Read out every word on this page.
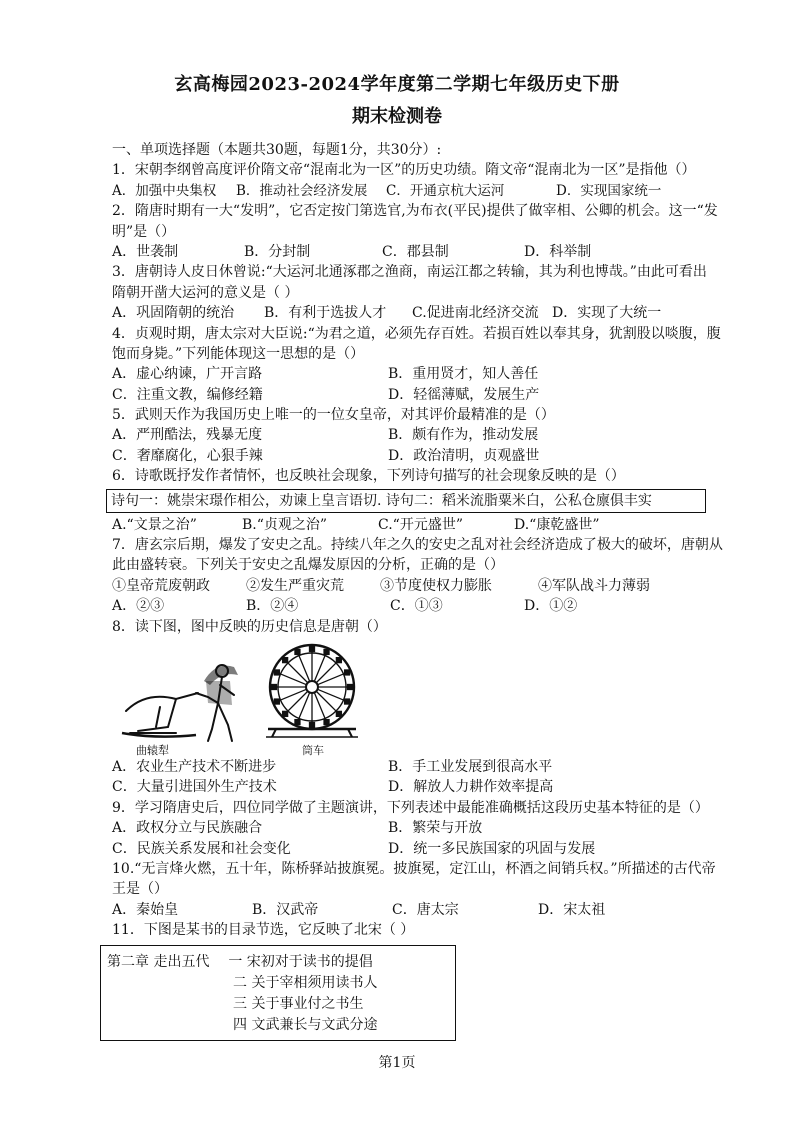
玄高梅园2023-2024学年度第二学期七年级历史下册
期末检测卷
一、单项选择题（本题共30题，每题1分，共30分）:
1．宋朝李纲曾高度评价隋文帝“混南北为一区”的历史功绩。隋文帝“混南北为一区”是指他（）
A．加强中央集权	B．推动社会经济发展	C．开通京杭大运河	D．实现国家统一
2．隋唐时期有一大“发明”，它否定按门第选官,为布衣(平民)提供了做宰相、公卿的机会。这一“发
明”是（）
A．世袭制	B．分封制	C．郡县制	D．科举制
3．唐朝诗人皮日休曾说:“大运河北通涿郡之渔商，南运江都之转输，其为利也博哉。”由此可看出
隋朝开凿大运河的意义是（ ）
A．巩固隋朝的统治	B．有利于选拔人才	C.促进南北经济交流 D．实现了大统一
4．贞观时期，唐太宗对大臣说:“为君之道，必须先存百姓。若损百姓以奉其身，犹割股以啖腹，腹
饱而身毙。”下列能体现这一思想的是（）
A．虚心纳谏，广开言路	B．重用贤才，知人善任
C．注重文教，编修经籍	D．轻徭薄赋，发展生产
5．武则天作为我国历史上唯一的一位女皇帝，对其评价最精准的是（）
A．严刑酷法，残暴无度	B．颇有作为，推动发展
C．奢靡腐化，心狠手辣	D．政治清明，贞观盛世
6．诗歌既抒发作者情怀，也反映社会现象，下列诗句描写的社会现象反映的是（）
诗句一：姚崇宋璟作相公，劝谏上皇言语切. 诗句二：稻米流脂粟米白，公私仓廪俱丰实
A.“文景之治”	B.“贞观之治”	C.“开元盛世”	D.“康乾盛世”
7．唐玄宗后期，爆发了安史之乱。持续八年之久的安史之乱对社会经济造成了极大的破坏，唐朝从
此由盛转衰。下列关于安史之乱爆发原因的分析，正确的是（）
①皇帝荒废朝政	②发生严重灾荒	③节度使权力膨胀	④军队战斗力薄弱
A．②③	B．②④	C．①③	D．①②
8．读下图，图中反映的历史信息是唐朝（）
曲辕犁	筒车
A．农业生产技术不断进步	B．手工业发展到很高水平
C．大量引进国外生产技术	D．解放人力耕作效率提高
9．学习隋唐史后，四位同学做了主题演讲，下列表述中最能准确概括这段历史基本特征的是（）
A．政权分立与民族融合	B．繁荣与开放
C．民族关系发展和社会变化	D．统一多民族国家的巩固与发展
10.“无言烽火燃，五十年，陈桥驿站披旗冕。披旗冕，定江山，杯酒之间销兵权。”所描述的古代帝
王是（）
A．秦始皇	B．汉武帝	C．唐太宗	D．宋太祖
11．下图是某书的目录节选，它反映了北宋（ ）
第二章 走出五代 一 宋初对于读书的提倡
二 关于宰相须用读书人
三 关于事业付之书生
四 文武兼长与文武分途
第1页
